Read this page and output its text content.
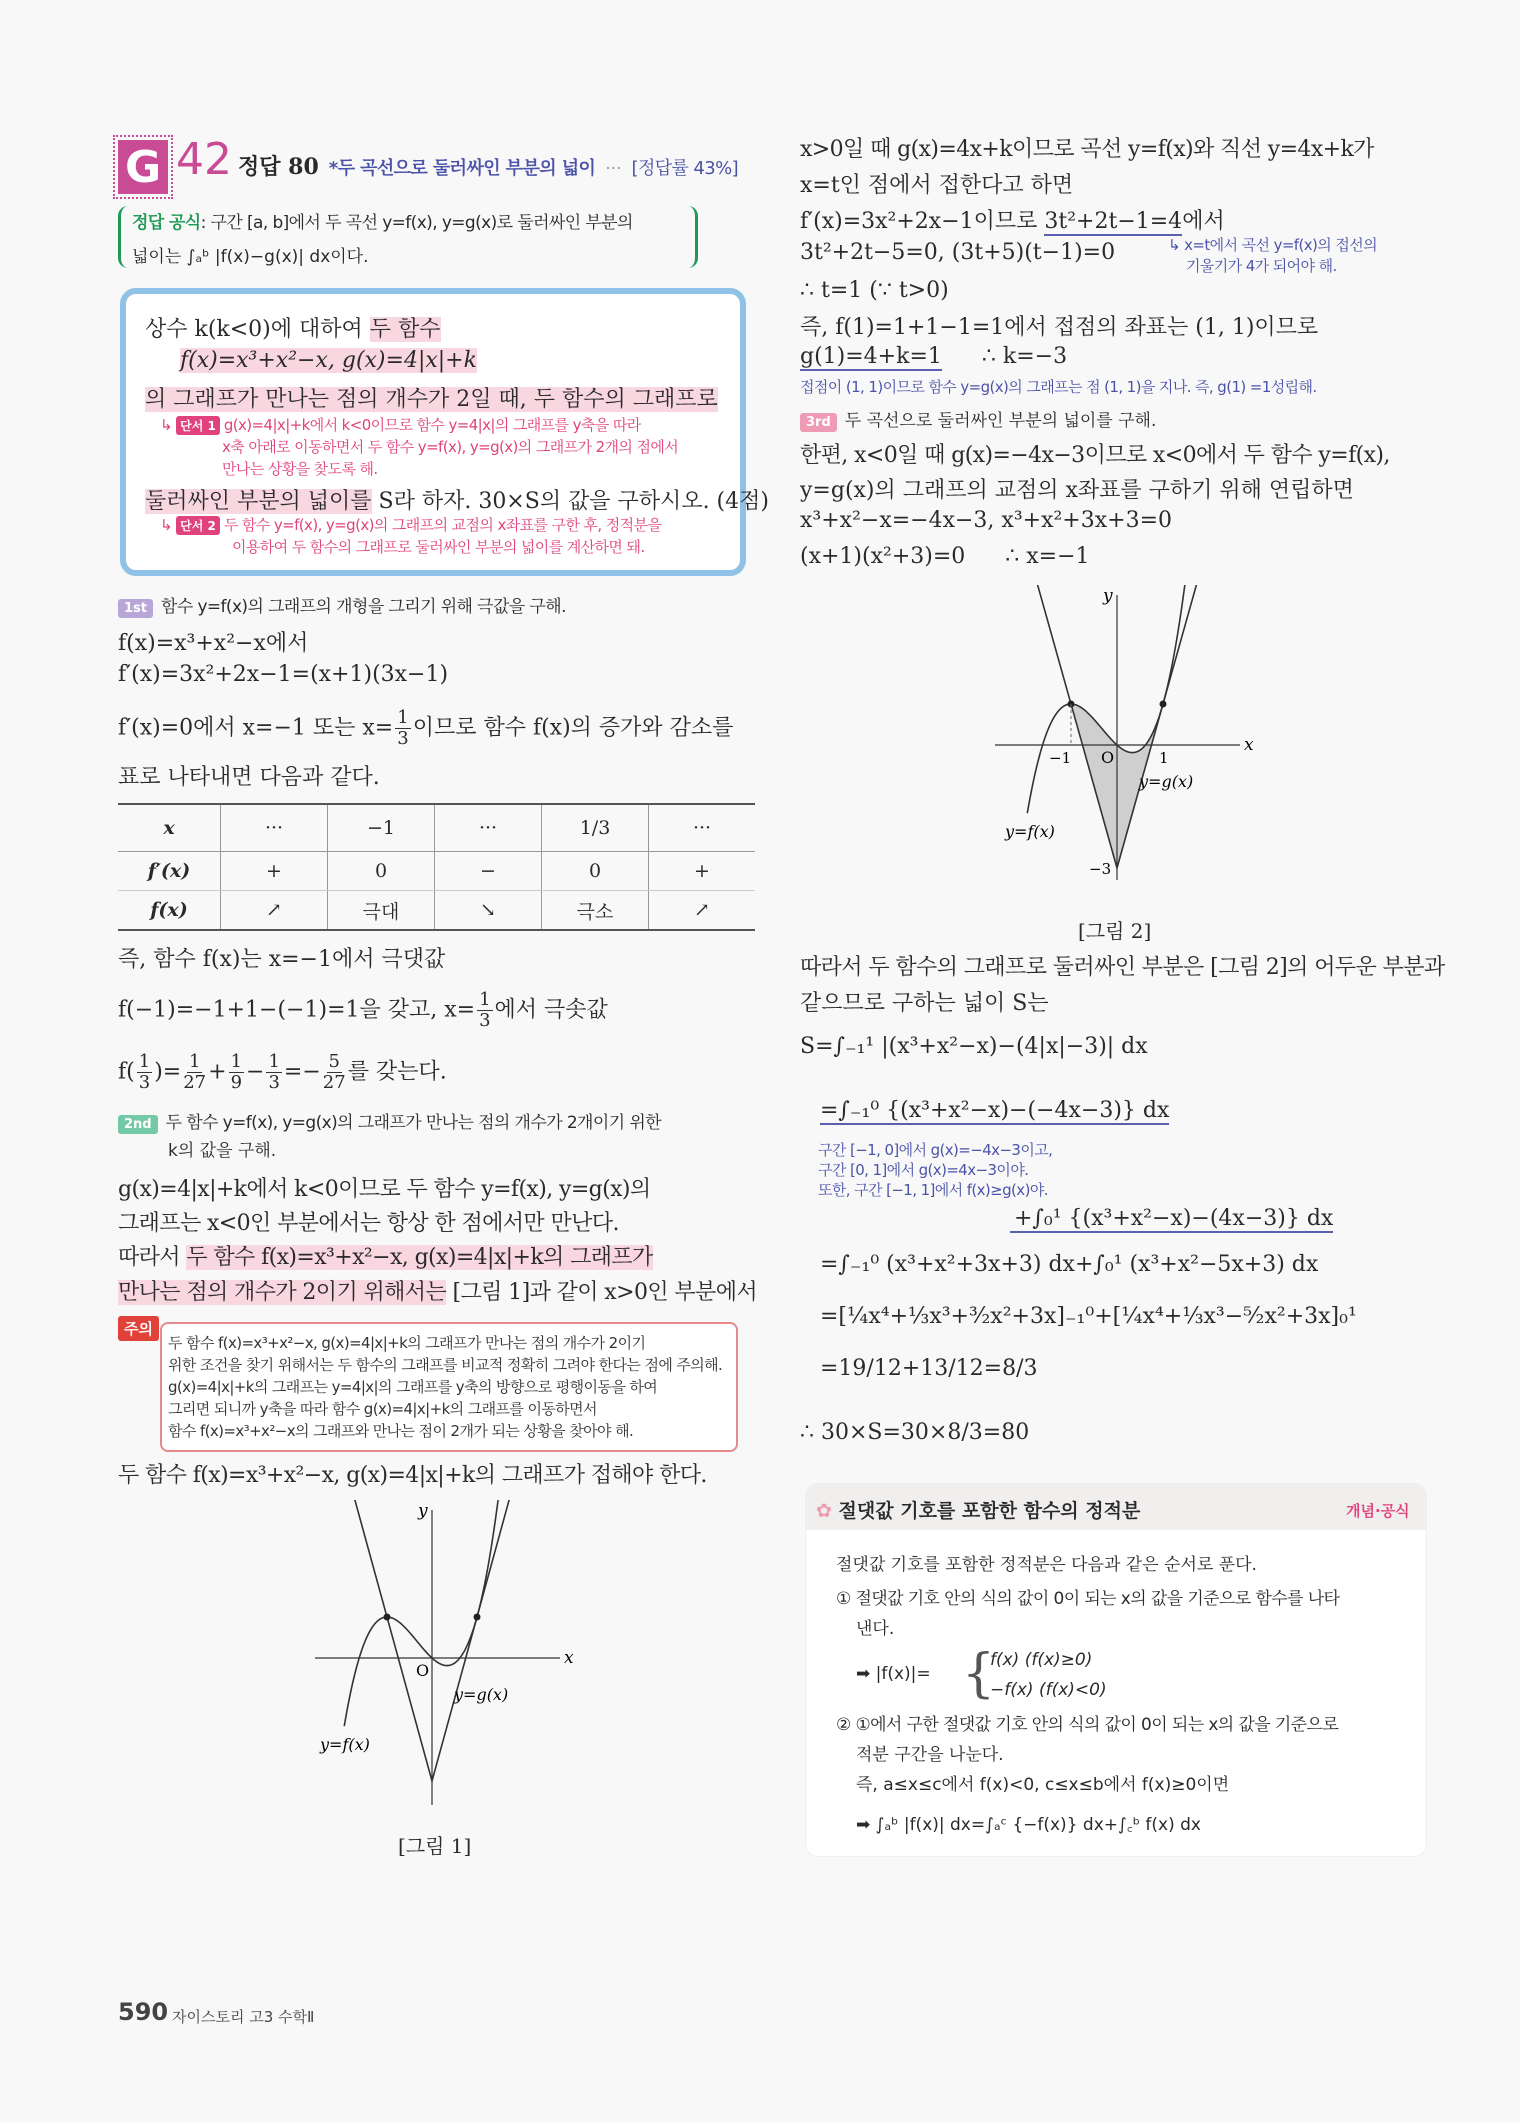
G 42 정답 80 *두 곡선으로 둘러싸인 부분의 넓이 ··· [정답률 43%]
정답 공식: 구간 [a, b]에서 두 곡선 y=f(x), y=g(x)로 둘러싸인 부분의
넓이는 ∫ₐᵇ |f(x)−g(x)| dx이다.
상수 k(k<0)에 대하여 두 함수
f(x)=x³+x²−x, g(x)=4|x|+k
의 그래프가 만나는 점의 개수가 2일 때, 두 함수의 그래프로
↳ 단서 1 g(x)=4|x|+k에서 k<0이므로 함수 y=4|x|의 그래프를 y축을 따라
x축 아래로 이동하면서 두 함수 y=f(x), y=g(x)의 그래프가 2개의 점에서
만나는 상황을 찾도록 해.
둘러싸인 부분의 넓이를 S라 하자. 30×S의 값을 구하시오. (4점)
↳ 단서 2 두 함수 y=f(x), y=g(x)의 그래프의 교점의 x좌표를 구한 후, 정적분을
이용하여 두 함수의 그래프로 둘러싸인 부분의 넓이를 계산하면 돼.
1st 함수 y=f(x)의 그래프의 개형을 그리기 위해 극값을 구해.
f(x)=x³+x²−x에서
f′(x)=3x²+2x−1=(x+1)(3x−1)
f′(x)=0에서 x=−1 또는 $x= \frac{1}{3}$ 이므로 함수 f(x)의 증가와 감소를
표로 나타내면 다음과 같다.
x	···	−1	···	1/3	···
f′(x)	+	0	−	0	+
f(x)	↗	극대	↘	극소	↗
즉, 함수 f(x)는 x=−1에서 극댓값
f(−1)=−1+1−(−1)=1을 갖고, $x= \frac{1}{3}$ 에서 극솟값
$f( \frac{1}{3}$ )= $\frac{1}{27} + \frac{1}{9} - \frac{1}{3} =- \frac{5}{27}$ 를 갖는다.
2nd 두 함수 y=f(x), y=g(x)의 그래프가 만나는 점의 개수가 2개이기 위한
k의 값을 구해.
g(x)=4|x|+k에서 k<0이므로 두 함수 y=f(x), y=g(x)의
그래프는 x<0인 부분에서는 항상 한 점에서만 만난다.
따라서 두 함수 f(x)=x³+x²−x, g(x)=4|x|+k의 그래프가
만나는 점의 개수가 2이기 위해서는 [그림 1]과 같이 x>0인 부분에서
주의
두 함수 f(x)=x³+x²−x, g(x)=4|x|+k의 그래프가 만나는 점의 개수가 2이기
위한 조건을 찾기 위해서는 두 함수의 그래프를 비교적 정확히 그려야 한다는 점에 주의해.
g(x)=4|x|+k의 그래프는 y=4|x|의 그래프를 y축의 방향으로 평행이동을 하여
그리면 되니까 y축을 따라 함수 g(x)=4|x|+k의 그래프를 이동하면서
함수 f(x)=x³+x²−x의 그래프와 만나는 점이 2개가 되는 상황을 찾아야 해.
두 함수 f(x)=x³+x²−x, g(x)=4|x|+k의 그래프가 접해야 한다.
x
y
O
y=g(x)
y=f(x)
[그림 1]
x>0일 때 g(x)=4x+k이므로 곡선 y=f(x)와 직선 y=4x+k가
x=t인 점에서 접한다고 하면
f′(x)=3x²+2x−1이므로 3t²+2t−1=4에서
↳ x=t에서 곡선 y=f(x)의 접선의
기울기가 4가 되어야 해.
3t²+2t−5=0, (3t+5)(t−1)=0
∴ t=1 (∵ t>0)
즉, f(1)=1+1−1=1에서 접점의 좌표는 (1, 1)이므로
g(1)=4+k=1 ∴ k=−3
접점이 (1, 1)이므로 함수 y=g(x)의 그래프는 점 (1, 1)을 지나. 즉, g(1) =1성립해.
3rd 두 곡선으로 둘러싸인 부분의 넓이를 구해.
한편, x<0일 때 g(x)=−4x−3이므로 x<0에서 두 함수 y=f(x),
y=g(x)의 그래프의 교점의 x좌표를 구하기 위해 연립하면
x³+x²−x=−4x−3, x³+x²+3x+3=0
(x+1)(x²+3)=0 ∴ x=−1
x
y
O
y=g(x)
y=f(x)
−1	1
−3
[그림 2]
따라서 두 함수의 그래프로 둘러싸인 부분은 [그림 2]의 어두운 부분과
같으므로 구하는 넓이 S는
S=∫₋₁¹ |(x³+x²−x)−(4|x|−3)| dx
=∫₋₁⁰ {(x³+x²−x)−(−4x−3)} dx
구간 [−1, 0]에서 g(x)=−4x−3이고,
구간 [0, 1]에서 g(x)=4x−3이야.
또한, 구간 [−1, 1]에서 f(x)≥g(x)야.
+∫₀¹ {(x³+x²−x)−(4x−3)} dx
=∫₋₁⁰ (x³+x²+3x+3) dx+∫₀¹ (x³+x²−5x+3) dx
=[¼x⁴+⅓x³+³⁄₂x²+3x]₋₁⁰+[¼x⁴+⅓x³−⁵⁄₂x²+3x]₀¹
=19/12+13/12=8/3
∴ 30×S=30×8/3=80
✿ 절댓값 기호를 포함한 함수의 정적분	개념·공식
절댓값 기호를 포함한 정적분은 다음과 같은 순서로 푼다.
① 절댓값 기호 안의 식의 값이 0이 되는 x의 값을 기준으로 함수를 나타
낸다.
➡ |f(x)|= {
f(x) (f(x)≥0)
−f(x) (f(x)<0)
② ①에서 구한 절댓값 기호 안의 식의 값이 0이 되는 x의 값을 기준으로
적분 구간을 나눈다.
즉, a≤x≤c에서 f(x)<0, c≤x≤b에서 f(x)≥0이면
➡ ∫ₐᵇ |f(x)| dx=∫ₐᶜ {−f(x)} dx+∫꜀ᵇ f(x) dx
590 자이스토리 고3 수학Ⅱ
